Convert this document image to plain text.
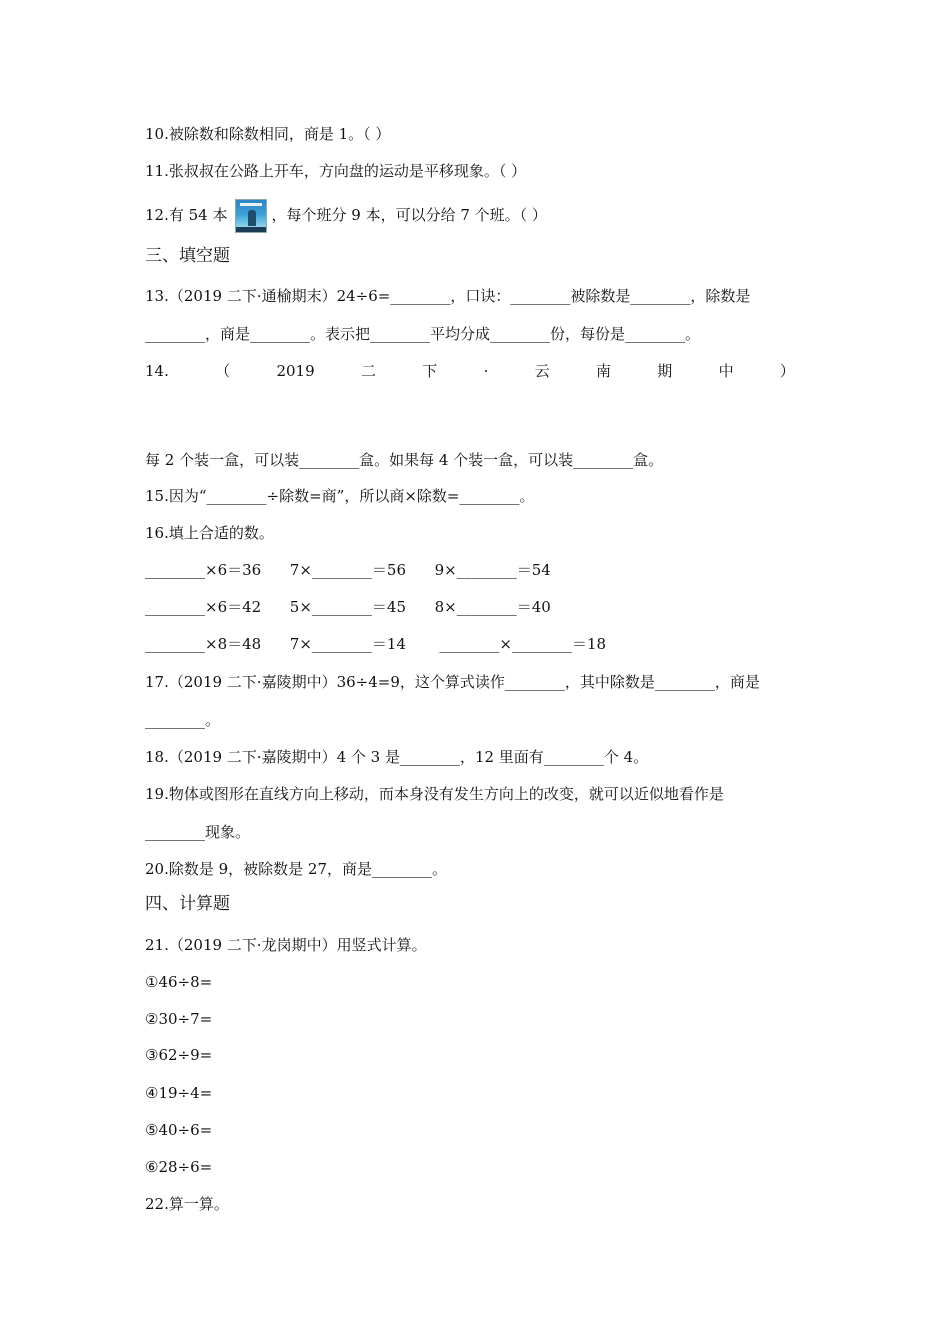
10.被除数和除数相同，商是 1。（ ）
11.张叔叔在公路上开车，方向盘的运动是平移现象。（ ）
12.有 54 本	，每个班分 9 本，可以分给 7 个班。（ ）
三、填空题
13.（2019 二下·通榆期末）24÷6=________，口诀：________被除数是________，除数是
________，商是________。表示把________平均分成________份，每份是________。
14.	（	2019	二	下	·	云	南	期	中	）
每 2 个装一盒，可以装________盒。如果每 4 个装一盒，可以装________盒。
15.因为“________÷除数=商”，所以商×除数=________。
16.填上合适的数。
________×6＝36      7×________＝56      9×________＝54
________×6＝42      5×________＝45      8×________＝40
________×8＝48      7×________＝14       ________×________＝18
17.（2019 二下·嘉陵期中）36÷4=9，这个算式读作________，其中除数是________，商是
________。
18.（2019 二下·嘉陵期中）4 个 3 是________，12 里面有________个 4。
19.物体或图形在直线方向上移动，而本身没有发生方向上的改变，就可以近似地看作是
________现象。
20.除数是 9，被除数是 27，商是________。
四、计算题
21.（2019 二下·龙岗期中）用竖式计算。
①46÷8=
②30÷7=
③62÷9=
④19÷4=
⑤40÷6=
⑥28÷6=
22.算一算。
